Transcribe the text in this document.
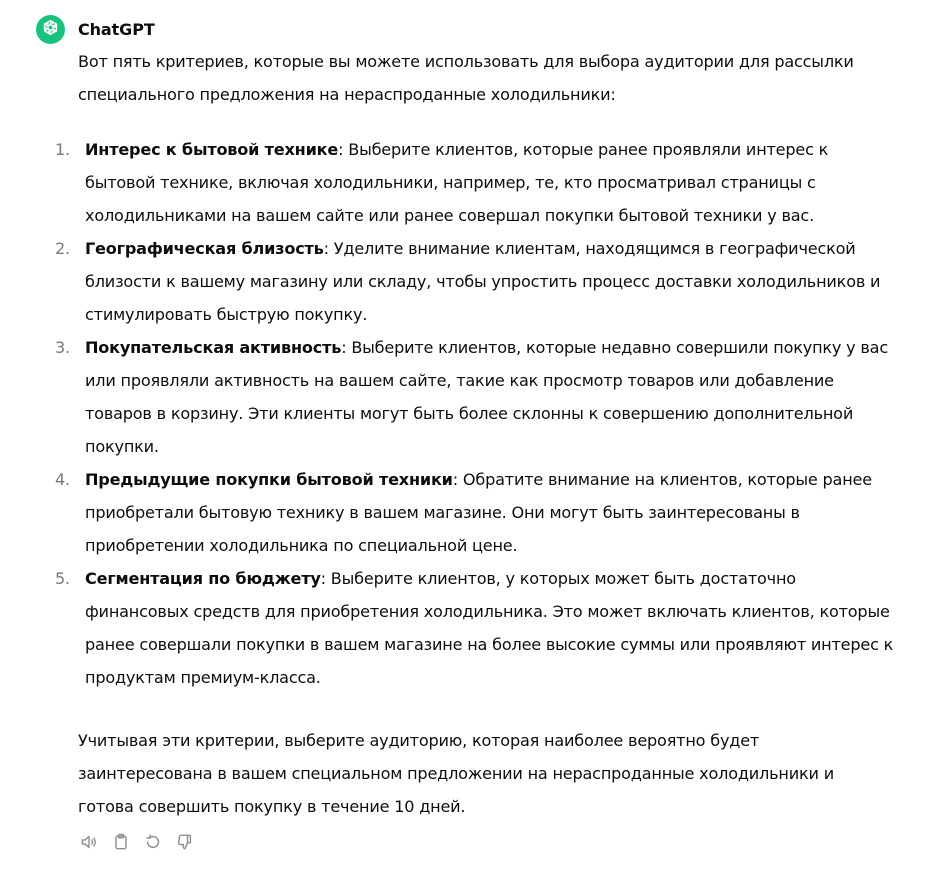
ChatGPT

Вот пять критериев, которые вы можете использовать для выбора аудитории для рассылки специального предложения на нераспроданные холодильники:

1. Интерес к бытовой технике: Выберите клиентов, которые ранее проявляли интерес к бытовой технике, включая холодильники, например, те, кто просматривал страницы с холодильниками на вашем сайте или ранее совершал покупки бытовой техники у вас.
2. Географическая близость: Уделите внимание клиентам, находящимся в географической близости к вашему магазину или складу, чтобы упростить процесс доставки холодильников и стимулировать быструю покупку.
3. Покупательская активность: Выберите клиентов, которые недавно совершили покупку у вас или проявляли активность на вашем сайте, такие как просмотр товаров или добавление товаров в корзину. Эти клиенты могут быть более склонны к совершению дополнительной покупки.
4. Предыдущие покупки бытовой техники: Обратите внимание на клиентов, которые ранее приобретали бытовую технику в вашем магазине. Они могут быть заинтересованы в приобретении холодильника по специальной цене.
5. Сегментация по бюджету: Выберите клиентов, у которых может быть достаточно финансовых средств для приобретения холодильника. Это может включать клиентов, которые ранее совершали покупки в вашем магазине на более высокие суммы или проявляют интерес к продуктам премиум-класса.

Учитывая эти критерии, выберите аудиторию, которая наиболее вероятно будет заинтересована в вашем специальном предложении на нераспроданные холодильники и готова совершить покупку в течение 10 дней.
